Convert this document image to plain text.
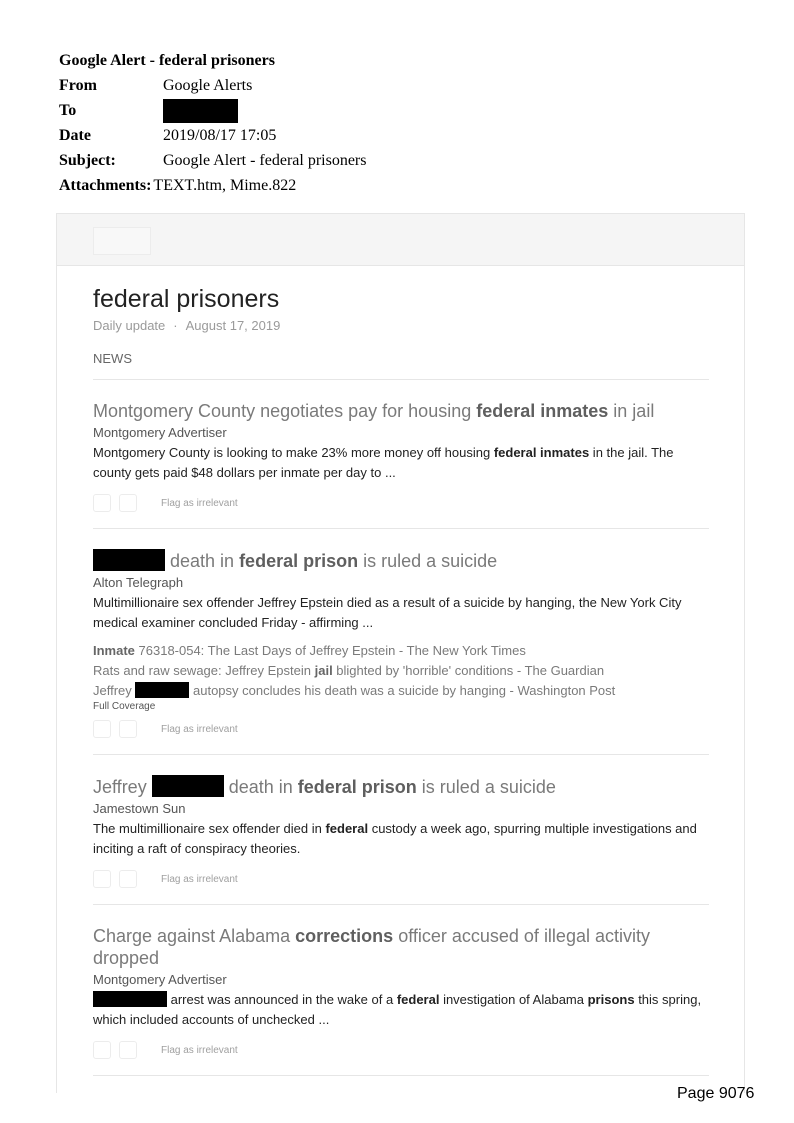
Google Alert - federal prisoners
From	Google Alerts
To
Date	2019/08/17 17:05
Subject:	Google Alert - federal prisoners
Attachments: TEXT.htm, Mime.822
federal prisoners
Daily update · August 17, 2019
NEWS
Montgomery County negotiates pay for housing federal inmates in jail
Montgomery Advertiser
Montgomery County is looking to make 23% more money off housing federal inmates in the jail. The county gets paid $48 dollars per inmate per day to ...
Flag as irrelevant
death in federal prison is ruled a suicide
Alton Telegraph
Multimillionaire sex offender Jeffrey Epstein died as a result of a suicide by hanging, the New York City medical examiner concluded Friday - affirming ...
Inmate 76318-054: The Last Days of Jeffrey Epstein - The New York Times
Rats and raw sewage: Jeffrey Epstein jail blighted by 'horrible' conditions - The Guardian
Jeffrey	autopsy concludes his death was a suicide by hanging - Washington Post
Full Coverage
Flag as irrelevant
Jeffrey	death in federal prison is ruled a suicide
Jamestown Sun
The multimillionaire sex offender died in federal custody a week ago, spurring multiple investigations and inciting a raft of conspiracy theories.
Flag as irrelevant
Charge against Alabama corrections officer accused of illegal activity dropped
Montgomery Advertiser
arrest was announced in the wake of a federal investigation of Alabama prisons this spring, which included accounts of unchecked ...
Flag as irrelevant
Page 9076
